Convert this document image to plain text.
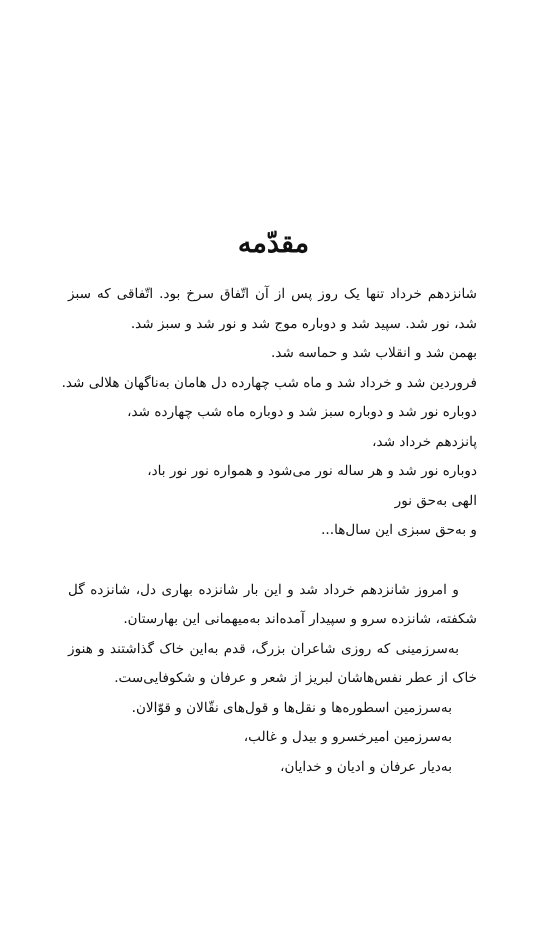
مقدّمه
شانزدهم خرداد تنها یک روز پس از آن اتّفاق سرخ بود. اتّفاقی که سبز
شد، نور شد. سپید شد و دوباره موج شد و نور شد و سبز شد.
بهمن شد و انقلاب شد و حماسه شد.
فروردین شد و خرداد شد و ماه شب چهارده دل هامان به‌ناگهان هلالی شد.
دوباره نور شد و دوباره سبز شد و دوباره ماه شب چهارده شد،
پانزدهم خرداد شد،
دوباره نور شد و هر ساله نور می‌شود و همواره نور نور باد،
الهی به‌حق نور
و به‌حق سبزی این سال‌ها...
و امروز شانزدهم خرداد شد و این بار شانزده بهاری دل، شانزده گل
شکفته، شانزده سرو و سپیدار آمده‌اند به‌میهمانی این بهارستان.
به‌سرزمینی که روزی شاعران بزرگ، قدم به‌این خاک گذاشتند و هنوز
خاک از عطر نفس‌هاشان لبریز از شعر و عرفان و شکوفایی‌ست.
به‌سرزمین اسطوره‌ها و نقل‌ها و قول‌های نقّالان و قوّالان.
به‌سرزمین امیرخسرو و بیدل و غالب،
به‌دیار عرفان و ادیان و خدایان،
